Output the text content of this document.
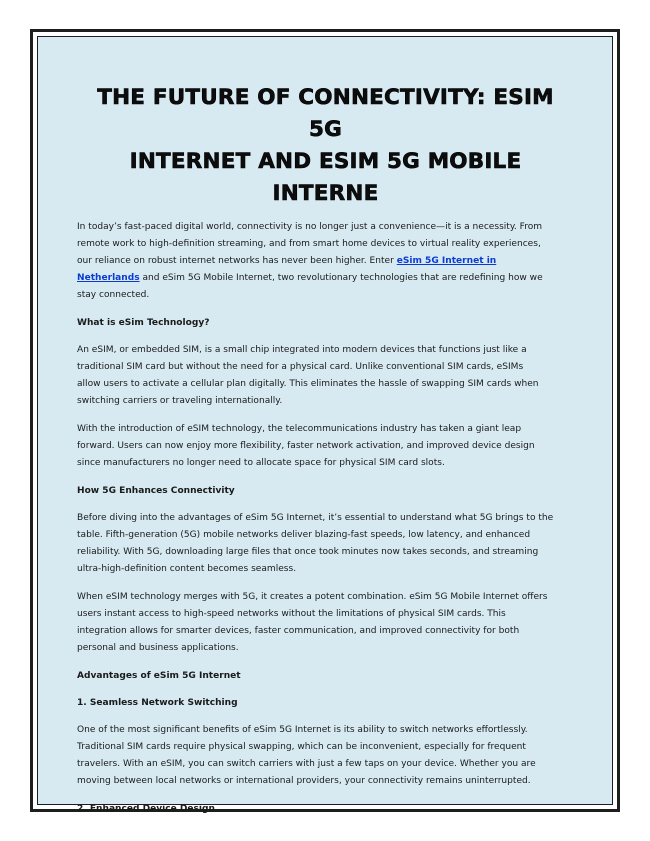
THE FUTURE OF CONNECTIVITY: ESIM 5G
INTERNET AND ESIM 5G MOBILE INTERNE

In today’s fast-paced digital world, connectivity is no longer just a convenience—it is a necessity. From
remote work to high-definition streaming, and from smart home devices to virtual reality experiences,
our reliance on robust internet networks has never been higher. Enter eSim 5G Internet in
Netherlands and eSim 5G Mobile Internet, two revolutionary technologies that are redefining how we
stay connected.

What is eSim Technology?

An eSIM, or embedded SIM, is a small chip integrated into modern devices that functions just like a
traditional SIM card but without the need for a physical card. Unlike conventional SIM cards, eSIMs
allow users to activate a cellular plan digitally. This eliminates the hassle of swapping SIM cards when
switching carriers or traveling internationally.

With the introduction of eSIM technology, the telecommunications industry has taken a giant leap
forward. Users can now enjoy more flexibility, faster network activation, and improved device design
since manufacturers no longer need to allocate space for physical SIM card slots.

How 5G Enhances Connectivity

Before diving into the advantages of eSim 5G Internet, it’s essential to understand what 5G brings to the
table. Fifth-generation (5G) mobile networks deliver blazing-fast speeds, low latency, and enhanced
reliability. With 5G, downloading large files that once took minutes now takes seconds, and streaming
ultra-high-definition content becomes seamless.

When eSIM technology merges with 5G, it creates a potent combination. eSim 5G Mobile Internet offers
users instant access to high-speed networks without the limitations of physical SIM cards. This
integration allows for smarter devices, faster communication, and improved connectivity for both
personal and business applications.

Advantages of eSim 5G Internet

1. Seamless Network Switching

One of the most significant benefits of eSim 5G Internet is its ability to switch networks effortlessly.
Traditional SIM cards require physical swapping, which can be inconvenient, especially for frequent
travelers. With an eSIM, you can switch carriers with just a few taps on your device. Whether you are
moving between local networks or international providers, your connectivity remains uninterrupted.

2. Enhanced Device Design
